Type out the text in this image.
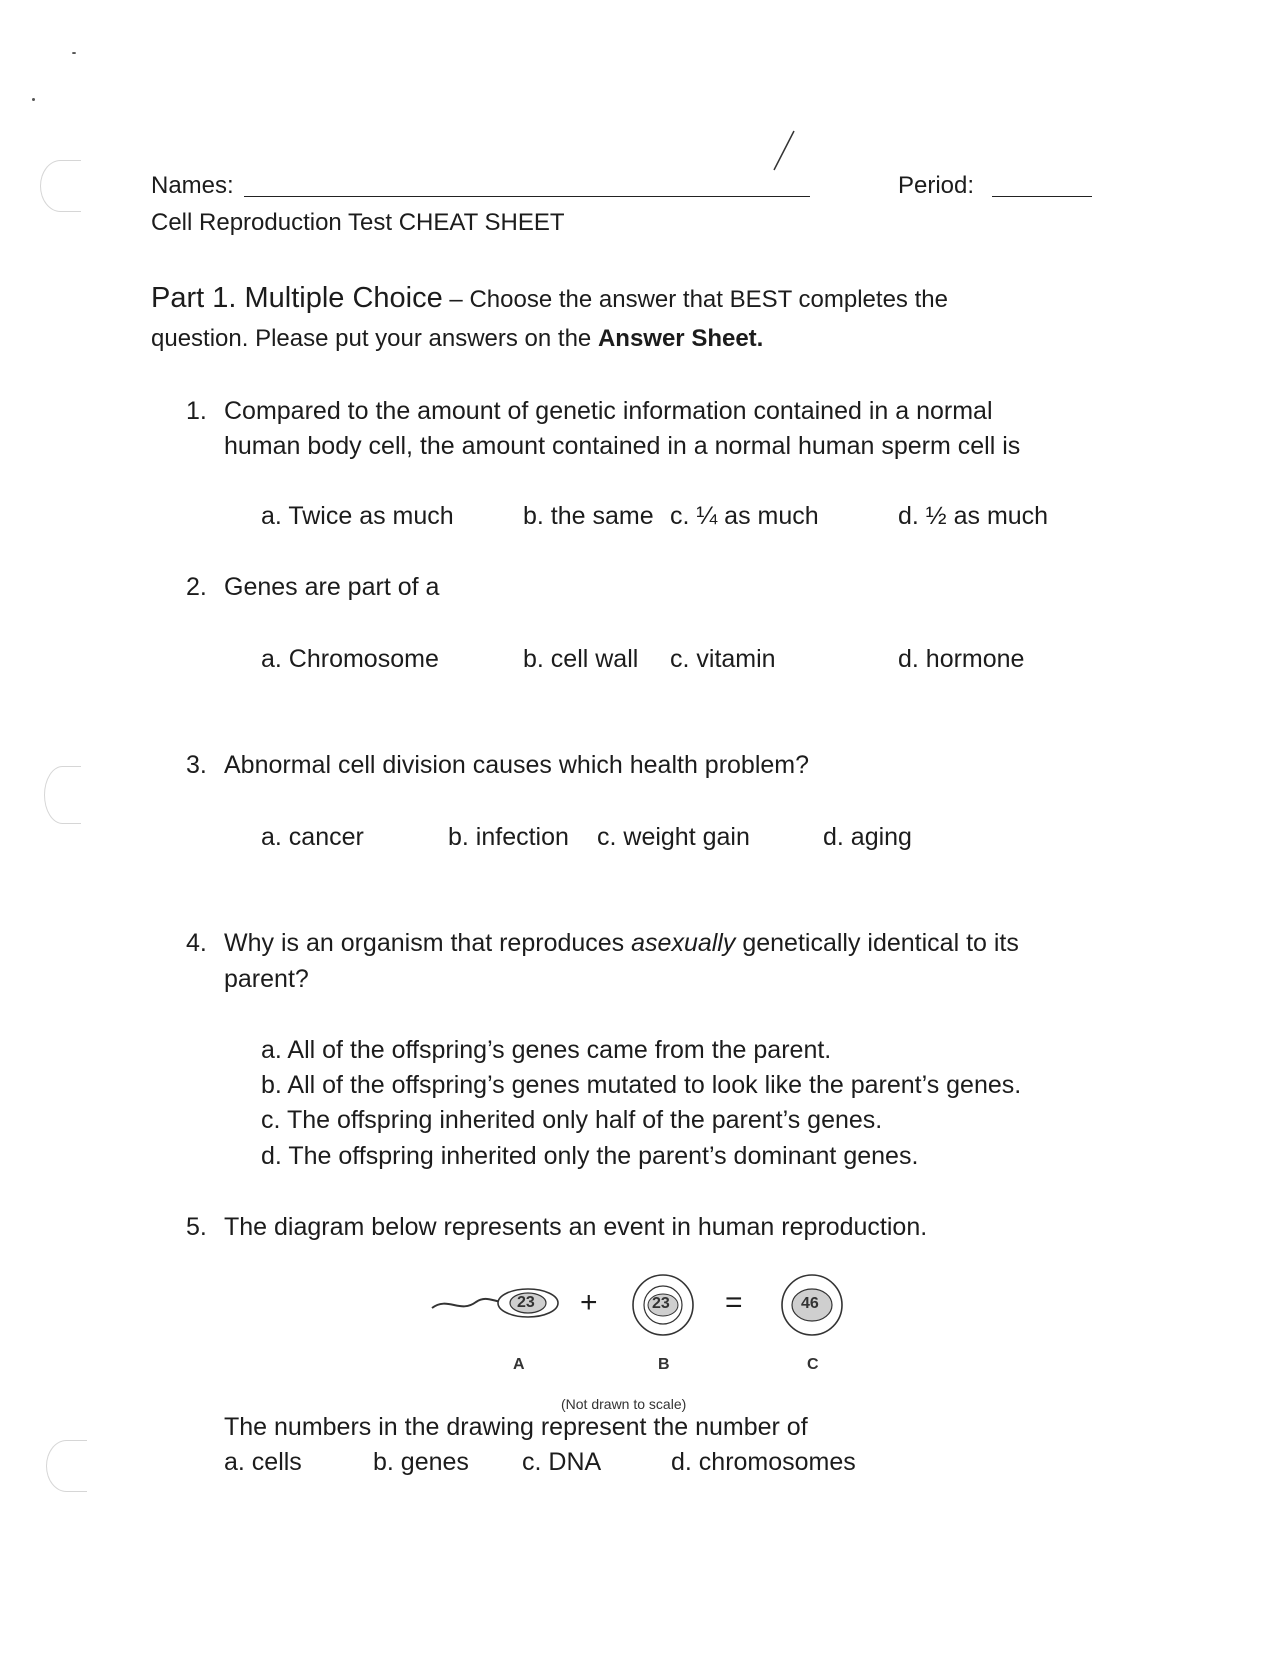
Names:	Period:
Cell Reproduction Test CHEAT SHEET
Part 1. Multiple Choice – Choose the answer that BEST completes the
question. Please put your answers on the Answer Sheet.
1. Compared to the amount of genetic information contained in a normal
human body cell, the amount contained in a normal human sperm cell is
a. Twice as much	b. the same c. ¼ as much	d. ½ as much
2. Genes are part of a
a. Chromosome	b. cell wall c. vitamin	d. hormone
3. Abnormal cell division causes which health problem?
a. cancer	b. infection c. weight gain	d. aging
4. Why is an organism that reproduces asexually genetically identical to its
parent?
a. All of the offspring’s genes came from the parent.
b. All of the offspring’s genes mutated to look like the parent’s genes.
c. The offspring inherited only half of the parent’s genes.
d. The offspring inherited only the parent’s dominant genes.
5. The diagram below represents an event in human reproduction.
23 +	23 =	46
A	B	C
(Not drawn to scale)
The numbers in the drawing represent the number of
a. cells	b. genes c. DNA	d. chromosomes
